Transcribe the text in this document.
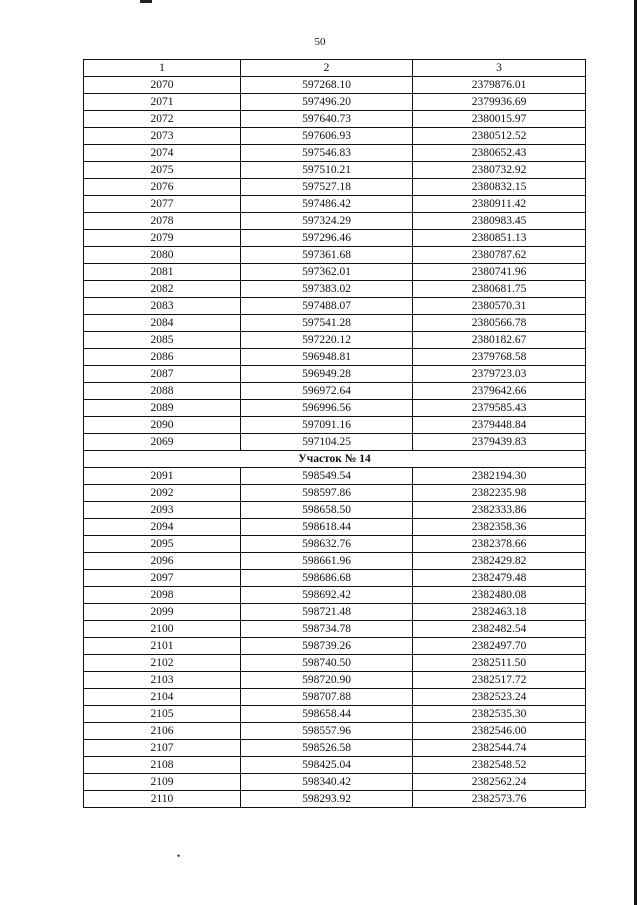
50
1	2	3
2070	597268.10	2379876.01
2071	597496.20	2379936.69
2072	597640.73	2380015.97
2073	597606.93	2380512.52
2074	597546.83	2380652.43
2075	597510.21	2380732.92
2076	597527.18	2380832.15
2077	597486.42	2380911.42
2078	597324.29	2380983.45
2079	597296.46	2380851.13
2080	597361.68	2380787.62
2081	597362.01	2380741.96
2082	597383.02	2380681.75
2083	597488.07	2380570.31
2084	597541.28	2380566.78
2085	597220.12	2380182.67
2086	596948.81	2379768.58
2087	596949.28	2379723.03
2088	596972.64	2379642.66
2089	596996.56	2379585.43
2090	597091.16	2379448.84
2069	597104.25	2379439.83
Участок № 14		
2091	598549.54	2382194.30
2092	598597.86	2382235.98
2093	598658.50	2382333.86
2094	598618.44	2382358.36
2095	598632.76	2382378.66
2096	598661.96	2382429.82
2097	598686.68	2382479.48
2098	598692.42	2382480.08
2099	598721.48	2382463.18
2100	598734.78	2382482.54
2101	598739.26	2382497.70
2102	598740.50	2382511.50
2103	598720.90	2382517.72
2104	598707.88	2382523.24
2105	598658.44	2382535.30
2106	598557.96	2382546.00
2107	598526.58	2382544.74
2108	598425.04	2382548.52
2109	598340.42	2382562.24
2110	598293.92	2382573.76
•
